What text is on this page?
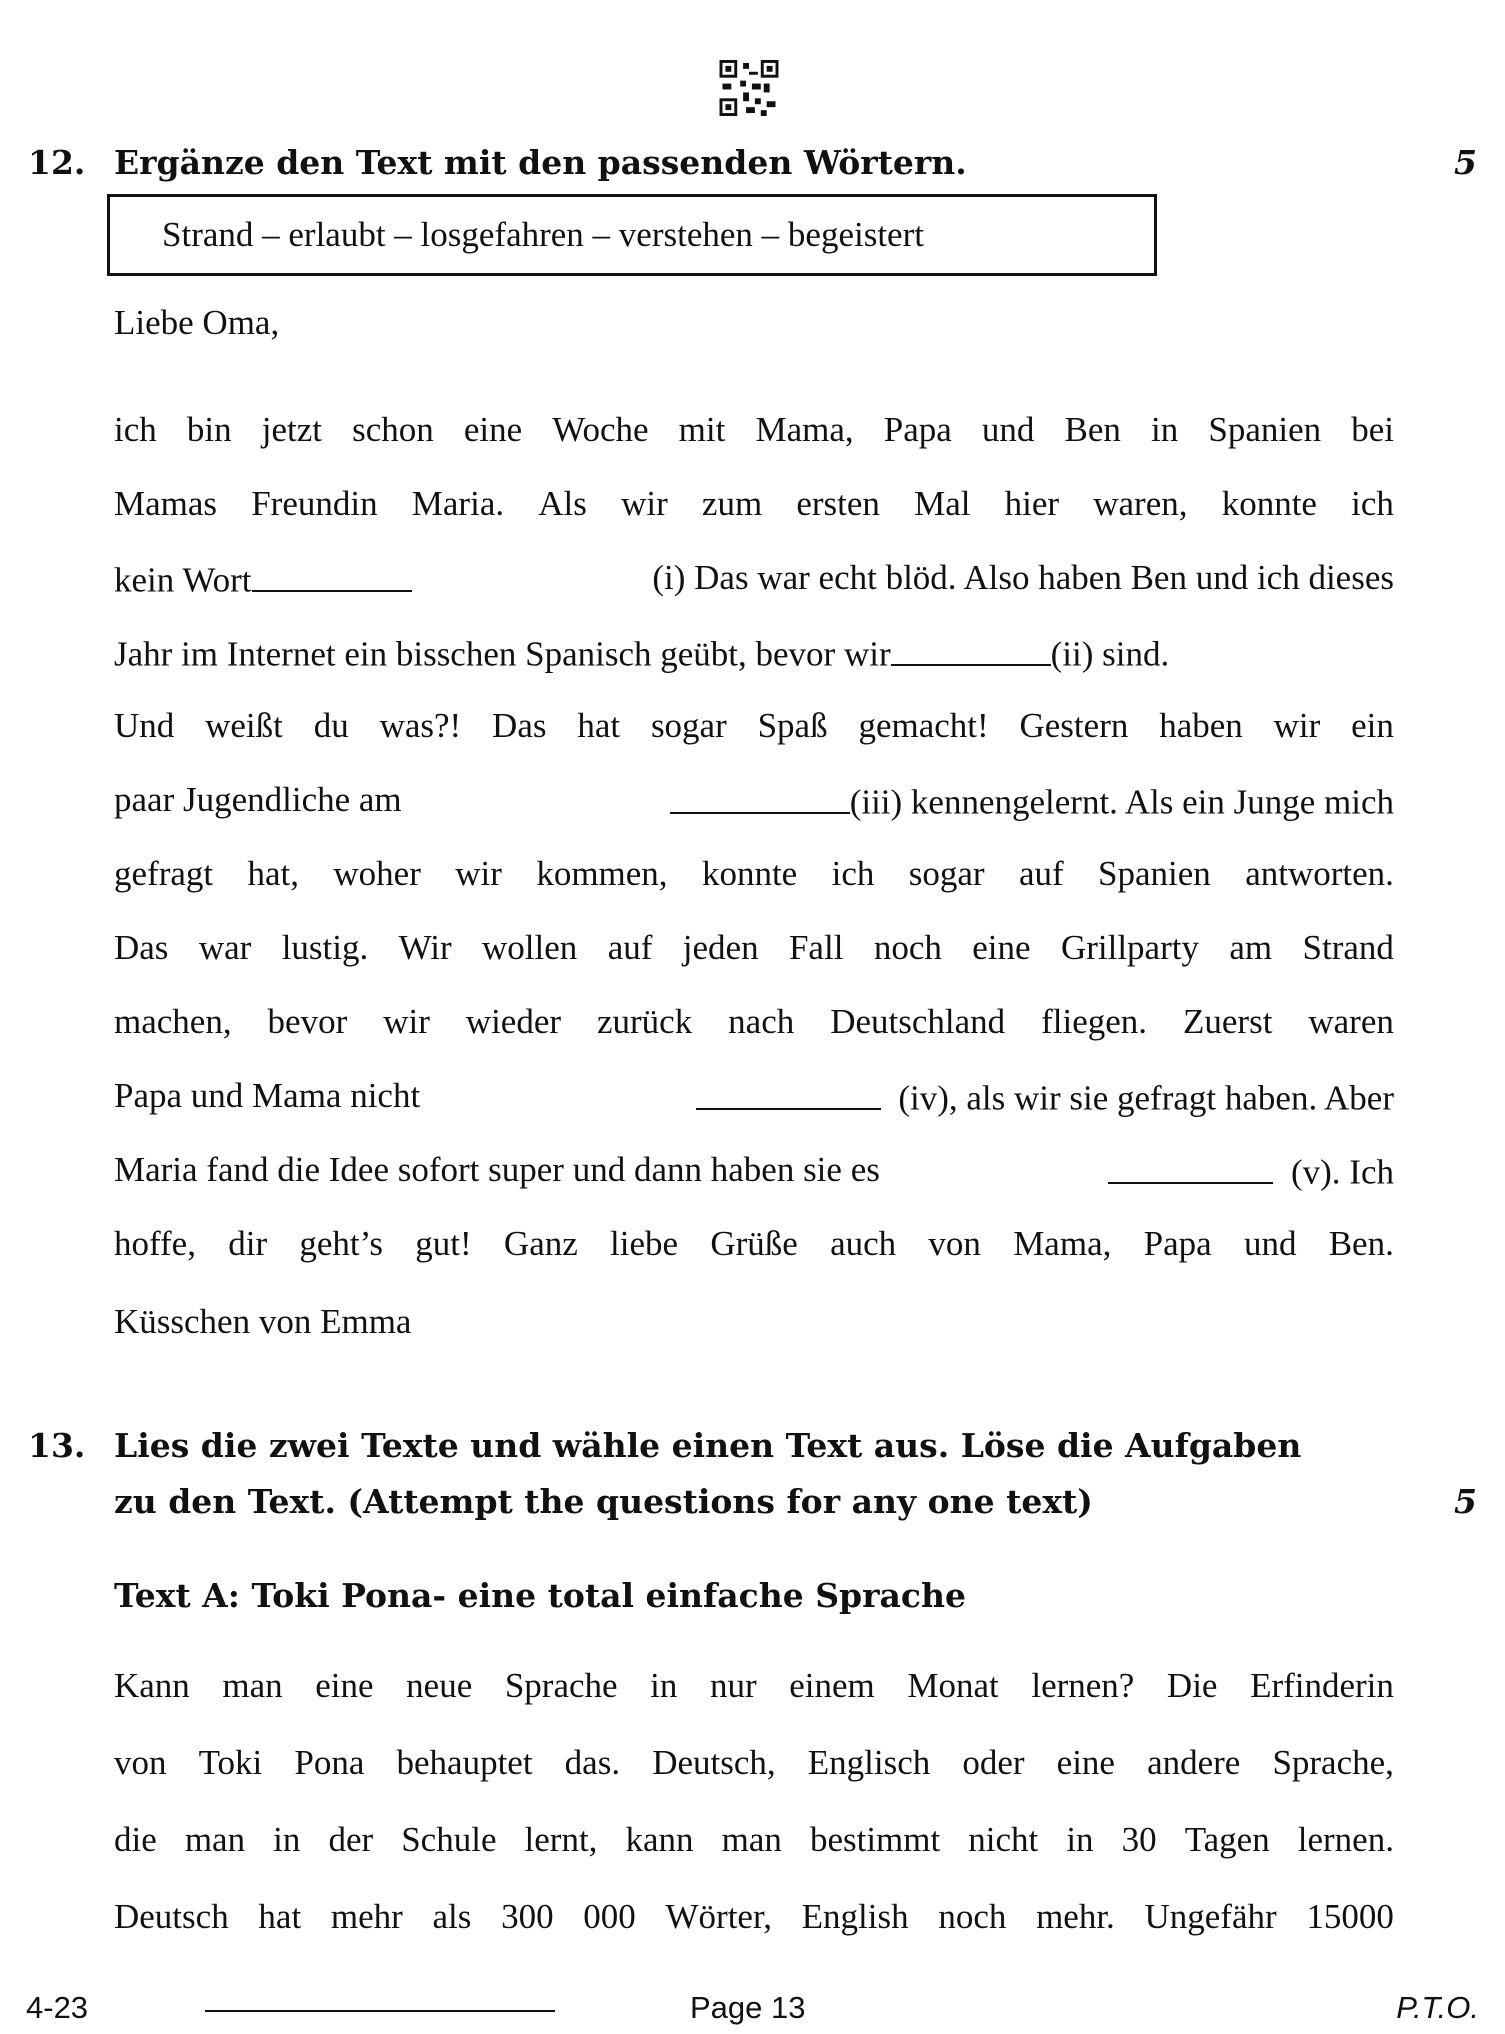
12. Ergänze den Text mit den passenden Wörtern.	5
Strand – erlaubt – losgefahren – verstehen – begeistert
Liebe Oma,
ich bin jetzt schon eine Woche mit Mama, Papa und Ben in Spanien bei
Mamas Freundin Maria. Als wir zum ersten Mal hier waren, konnte ich
kein Wort	(i) Das war echt blöd. Also haben Ben und ich dieses
Jahr im Internet ein bisschen Spanisch geübt, bevor wir	(ii) sind.
Und weißt du was?! Das hat sogar Spaß gemacht! Gestern haben wir ein
paar Jugendliche am	(iii) kennengelernt. Als ein Junge mich
gefragt hat, woher wir kommen, konnte ich sogar auf Spanien antworten.
Das war lustig. Wir wollen auf jeden Fall noch eine Grillparty am Strand
machen, bevor wir wieder zurück nach Deutschland fliegen. Zuerst waren
Papa und Mama nicht	(iv), als wir sie gefragt haben. Aber
Maria fand die Idee sofort super und dann haben sie es	(v). Ich
hoffe, dir geht’s gut! Ganz liebe Grüße auch von Mama, Papa und Ben.
Küsschen von Emma
13. Lies die zwei Texte und wähle einen Text aus. Löse die Aufgaben
zu den Text. (Attempt the questions for any one text)	5
Text A: Toki Pona- eine total einfache Sprache
Kann man eine neue Sprache in nur einem Monat lernen? Die Erfinderin
von Toki Pona behauptet das. Deutsch, Englisch oder eine andere Sprache,
die man in der Schule lernt, kann man bestimmt nicht in 30 Tagen lernen.
Deutsch hat mehr als 300 000 Wörter, English noch mehr. Ungefähr 15000
4-23	Page 13	P.T.O.
